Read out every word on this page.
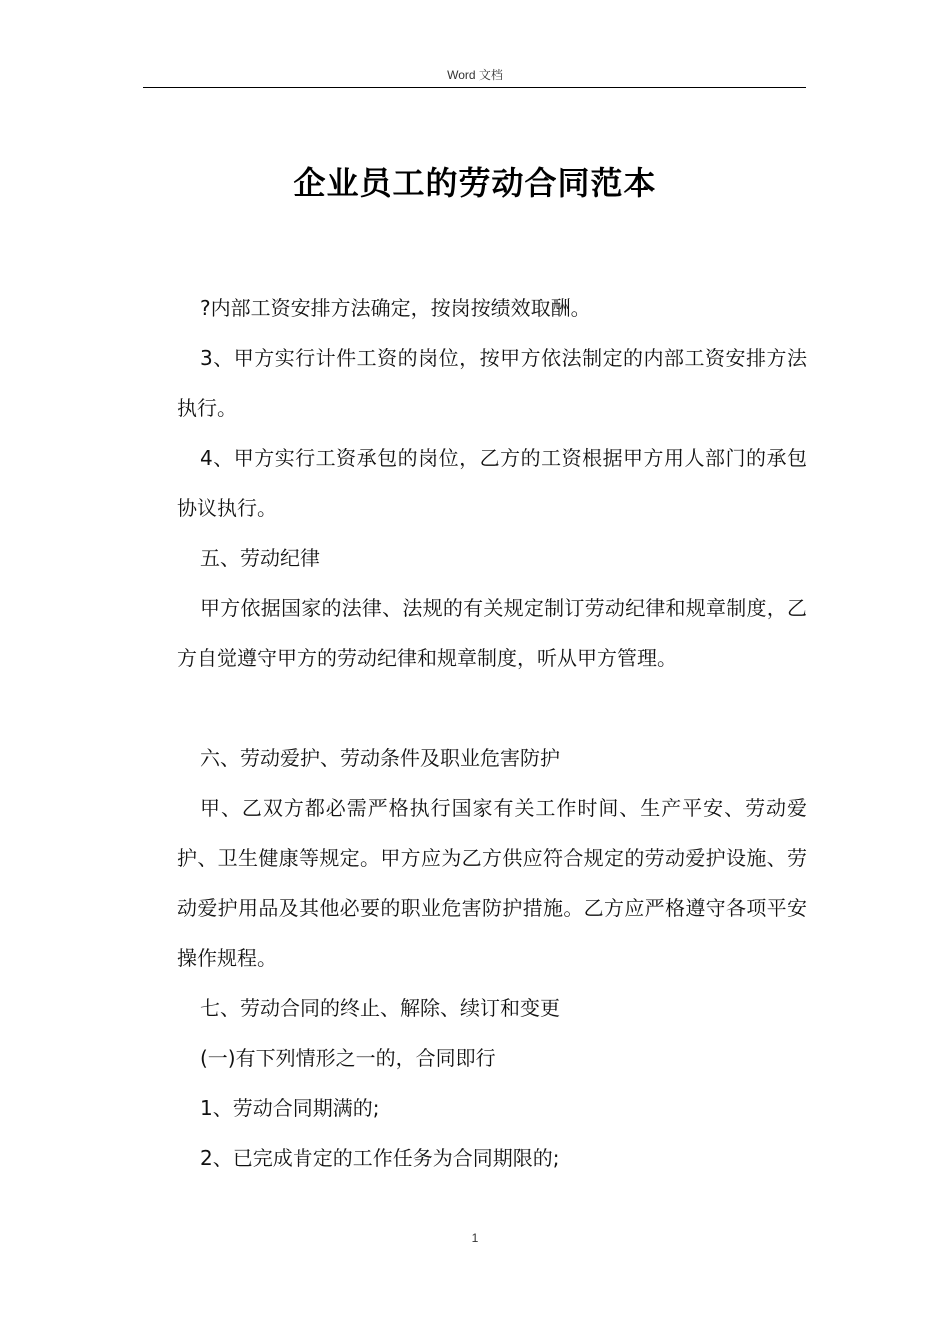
Word 文档
企业员工的劳动合同范本

?内部工资安排方法确定，按岗按绩效取酬。

3、甲方实行计件工资的岗位，按甲方依法制定的内部工资安排方法执行。

4、甲方实行工资承包的岗位，乙方的工资根据甲方用人部门的承包协议执行。

五、劳动纪律

甲方依据国家的法律、法规的有关规定制订劳动纪律和规章制度，乙方自觉遵守甲方的劳动纪律和规章制度，听从甲方管理。

六、劳动爱护、劳动条件及职业危害防护

甲、乙双方都必需严格执行国家有关工作时间、生产平安、劳动爱护、卫生健康等规定。甲方应为乙方供应符合规定的劳动爱护设施、劳动爱护用品及其他必要的职业危害防护措施。乙方应严格遵守各项平安操作规程。

七、劳动合同的终止、解除、续订和变更

(一)有下列情形之一的，合同即行

1、劳动合同期满的;

2、已完成肯定的工作任务为合同期限的;

1
